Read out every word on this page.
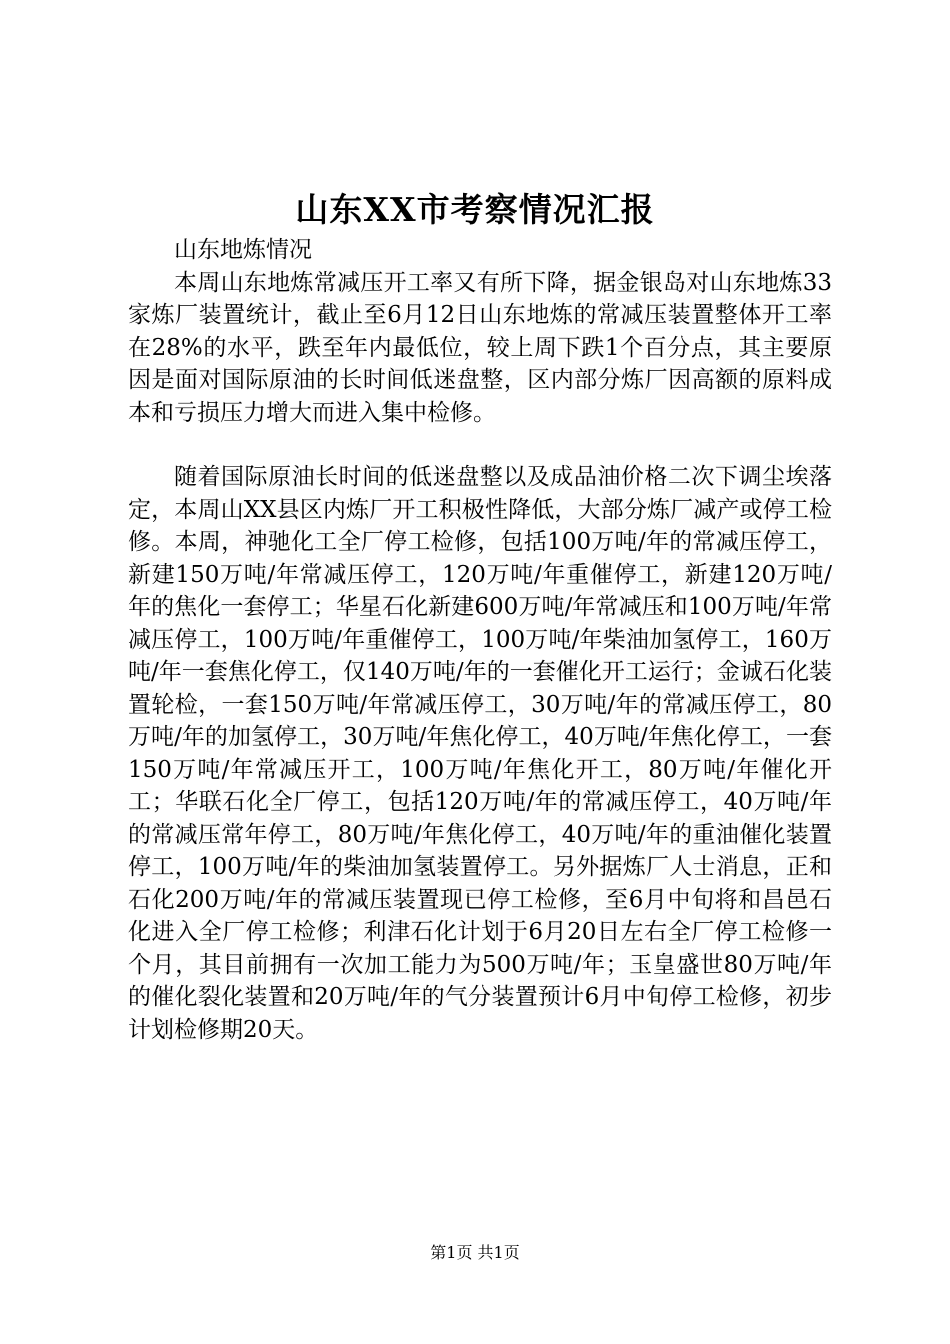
山东XX市考察情况汇报

山东地炼情况

本周山东地炼常减压开工率又有所下降，据金银岛对山东地炼33家炼厂装置统计，截止至6月12日山东地炼的常减压装置整体开工率在28%的水平，跌至年内最低位，较上周下跌1个百分点，其主要原因是面对国际原油的长时间低迷盘整，区内部分炼厂因高额的原料成本和亏损压力增大而进入集中检修。

随着国际原油长时间的低迷盘整以及成品油价格二次下调尘埃落定，本周山XX县区内炼厂开工积极性降低，大部分炼厂减产或停工检修。本周，神驰化工全厂停工检修，包括100万吨/年的常减压停工，新建150万吨/年常减压停工，120万吨/年重催停工，新建120万吨/年的焦化一套停工；华星石化新建600万吨/年常减压和100万吨/年常减压停工，100万吨/年重催停工，100万吨/年柴油加氢停工，160万吨/年一套焦化停工，仅140万吨/年的一套催化开工运行；金诚石化装置轮检，一套150万吨/年常减压停工，30万吨/年的常减压停工，80万吨/年的加氢停工，30万吨/年焦化停工，40万吨/年焦化停工，一套150万吨/年常减压开工，100万吨/年焦化开工，80万吨/年催化开工；华联石化全厂停工，包括120万吨/年的常减压停工，40万吨/年的常减压常年停工，80万吨/年焦化停工，40万吨/年的重油催化装置停工，100万吨/年的柴油加氢装置停工。另外据炼厂人士消息，正和石化200万吨/年的常减压装置现已停工检修，至6月中旬将和昌邑石化进入全厂停工检修；利津石化计划于6月20日左右全厂停工检修一个月，其目前拥有一次加工能力为500万吨/年；玉皇盛世80万吨/年的催化裂化装置和20万吨/年的气分装置预计6月中旬停工检修，初步计划检修期20天。

第1页 共1页
